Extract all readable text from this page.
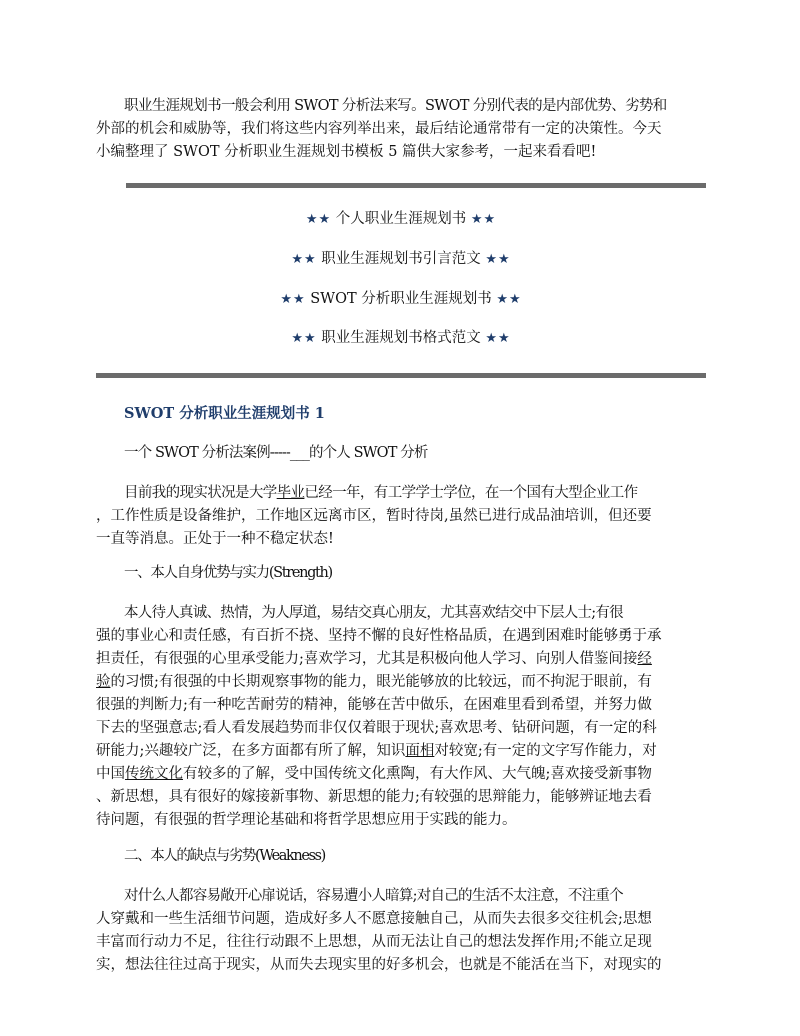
职业生涯规划书一般会利用 SWOT 分析法来写。SWOT 分别代表的是内部优势、劣势和
外部的机会和威胁等，我们将这些内容列举出来，最后结论通常带有一定的决策性。今天
小编整理了 SWOT 分析职业生涯规划书模板 5 篇供大家参考，一起来看看吧!
★★ 个人职业生涯规划书 ★★
★★ 职业生涯规划书引言范文 ★★
★★ SWOT 分析职业生涯规划书 ★★
★★ 职业生涯规划书格式范文 ★★
SWOT 分析职业生涯规划书 1
一个 SWOT 分析法案例-----___的个人 SWOT 分析
目前我的现实状况是大学毕业已经一年，有工学学士学位，在一个国有大型企业工作
，工作性质是设备维护，工作地区远离市区，暂时待岗,虽然已进行成品油培训，但还要
一直等消息。正处于一种不稳定状态!
一、本人自身优势与实力(Strength)
本人待人真诚、热情，为人厚道，易结交真心朋友，尤其喜欢结交中下层人士;有很
强的事业心和责任感，有百折不挠、坚持不懈的良好性格品质，在遇到困难时能够勇于承
担责任，有很强的心里承受能力;喜欢学习，尤其是积极向他人学习、向别人借鉴间接经
验的习惯;有很强的中长期观察事物的能力，眼光能够放的比较远，而不拘泥于眼前，有
很强的判断力;有一种吃苦耐劳的精神，能够在苦中做乐，在困难里看到希望，并努力做
下去的坚强意志;看人看发展趋势而非仅仅着眼于现状;喜欢思考、钻研问题，有一定的科
研能力;兴趣较广泛，在多方面都有所了解，知识面相对较宽;有一定的文字写作能力，对
中国传统文化有较多的了解，受中国传统文化熏陶，有大作风、大气魄;喜欢接受新事物
、新思想，具有很好的嫁接新事物、新思想的能力;有较强的思辩能力，能够辨证地去看
待问题，有很强的哲学理论基础和将哲学思想应用于实践的能力。
二、本人的缺点与劣势(Weakness)
对什么人都容易敞开心扉说话，容易遭小人暗算;对自己的生活不太注意，不注重个
人穿戴和一些生活细节问题，造成好多人不愿意接触自己，从而失去很多交往机会;思想
丰富而行动力不足，往往行动跟不上思想，从而无法让自己的想法发挥作用;不能立足现
实，想法往往过高于现实，从而失去现实里的好多机会，也就是不能活在当下，对现实的
